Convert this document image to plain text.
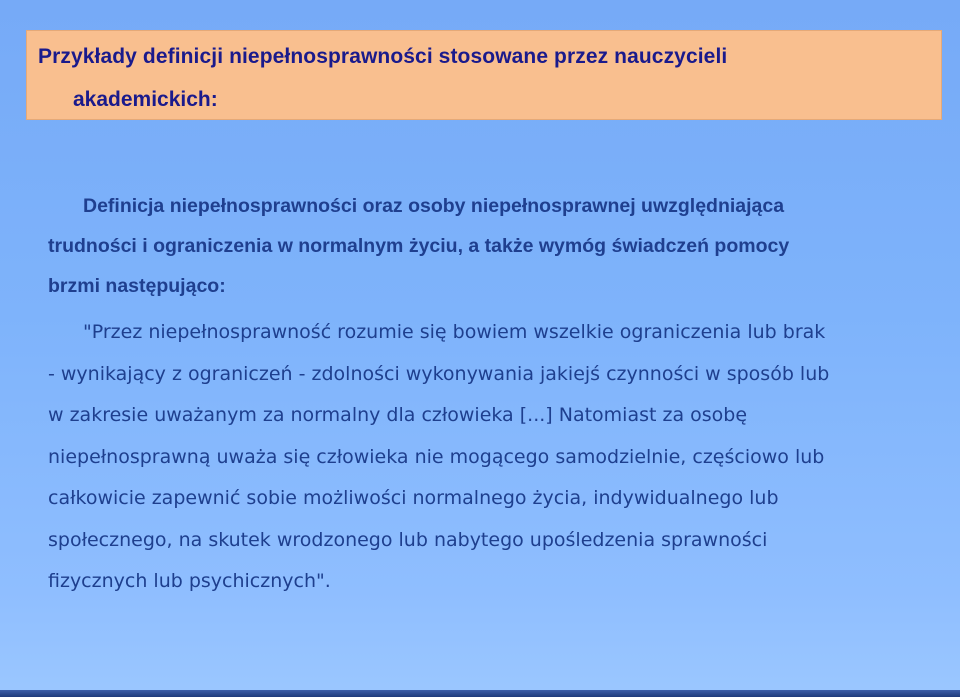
Przykłady definicji niepełnosprawności stosowane przez nauczycieli
akademickich:
Definicja niepełnosprawności oraz osoby niepełnosprawnej uwzględniająca
trudności i ograniczenia w normalnym życiu, a także wymóg świadczeń pomocy
brzmi następująco:
"Przez niepełnosprawność rozumie się bowiem wszelkie ograniczenia lub brak
- wynikający z ograniczeń - zdolności wykonywania jakiejś czynności w sposób lub
w zakresie uważanym za normalny dla człowieka [...] Natomiast za osobę
niepełnosprawną uważa się człowieka nie mogącego samodzielnie, częściowo lub
całkowicie zapewnić sobie możliwości normalnego życia, indywidualnego lub
społecznego, na skutek wrodzonego lub nabytego upośledzenia sprawności
fizycznych lub psychicznych".
